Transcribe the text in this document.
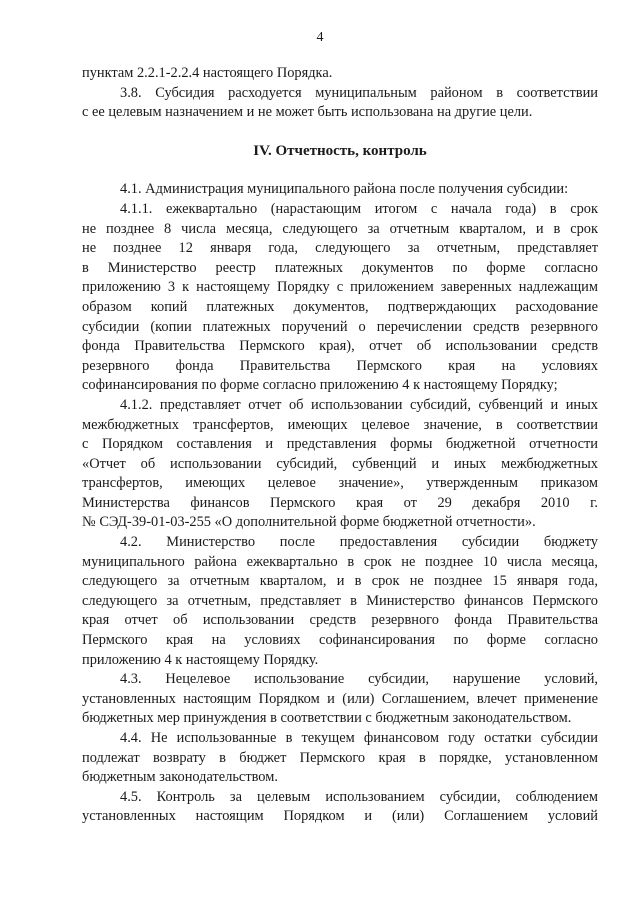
4
пунктам 2.2.1-2.2.4 настоящего Порядка.
3.8. Субсидия расходуется муниципальным районом в соответствии
с ее целевым назначением и не может быть использована на другие цели.
IV. Отчетность, контроль
4.1. Администрация муниципального района после получения субсидии:
4.1.1. ежеквартально (нарастающим итогом с начала года) в срок
не позднее 8 числа месяца, следующего за отчетным кварталом, и в срок
не позднее 12 января года, следующего за отчетным, представляет
в Министерство реестр платежных документов по форме согласно
приложению 3 к настоящему Порядку с приложением заверенных надлежащим
образом копий платежных документов, подтверждающих расходование
субсидии (копии платежных поручений о перечислении средств резервного
фонда Правительства Пермского края), отчет об использовании средств
резервного фонда Правительства Пермского края на условиях
софинансирования по форме согласно приложению 4 к настоящему Порядку;
4.1.2. представляет отчет об использовании субсидий, субвенций и иных
межбюджетных трансфертов, имеющих целевое значение, в соответствии
с Порядком составления и представления формы бюджетной отчетности
«Отчет об использовании субсидий, субвенций и иных межбюджетных
трансфертов, имеющих целевое значение», утвержденным приказом
Министерства финансов Пермского края от 29 декабря 2010 г.
№ СЭД-39-01-03-255 «О дополнительной форме бюджетной отчетности».
4.2. Министерство после предоставления субсидии бюджету
муниципального района ежеквартально в срок не позднее 10 числа месяца,
следующего за отчетным кварталом, и в срок не позднее 15 января года,
следующего за отчетным, представляет в Министерство финансов Пермского
края отчет об использовании средств резервного фонда Правительства
Пермского края на условиях софинансирования по форме согласно
приложению 4 к настоящему Порядку.
4.3. Нецелевое использование субсидии, нарушение условий,
установленных настоящим Порядком и (или) Соглашением, влечет применение
бюджетных мер принуждения в соответствии с бюджетным законодательством.
4.4. Не использованные в текущем финансовом году остатки субсидии
подлежат возврату в бюджет Пермского края в порядке, установленном
бюджетным законодательством.
4.5. Контроль за целевым использованием субсидии, соблюдением
установленных настоящим Порядком и (или) Соглашением условий
